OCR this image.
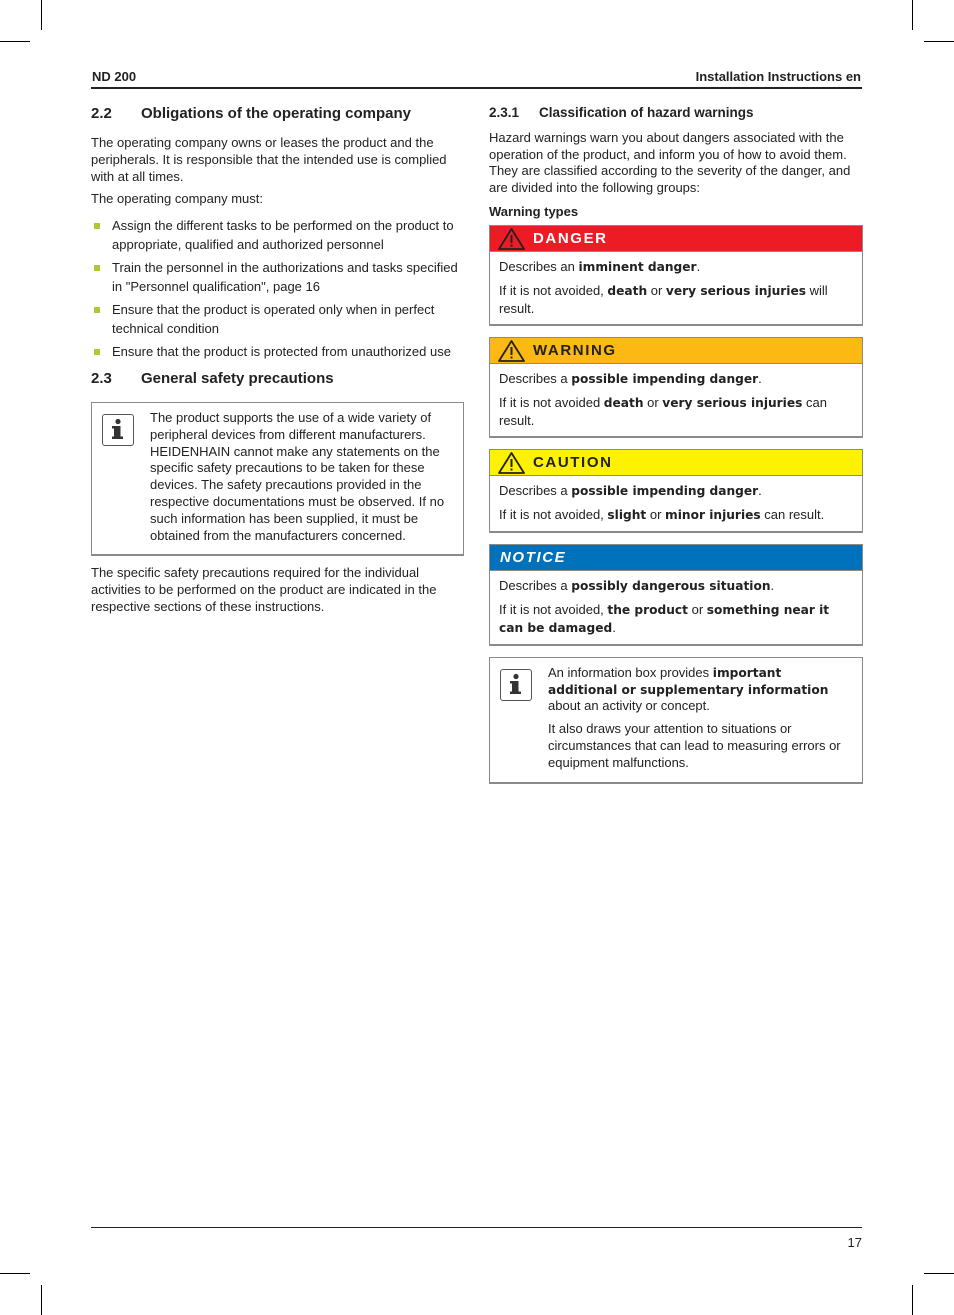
ND 200	Installation Instructions en
2.2 Obligations of the operating company

The operating company owns or leases the product and the peripherals. It is responsible that the intended use is complied with at all times.

The operating company must:

Assign the different tasks to be performed on the product to appropriate, qualified and authorized personnel
Train the personnel in the authorizations and tasks specified in "Personnel qualification", page 16
Ensure that the product is operated only when in perfect technical condition
Ensure that the product is protected from unauthorized use
2.3 General safety precautions

The product supports the use of a wide variety of peripheral devices from different manufacturers. HEIDENHAIN cannot make any statements on the specific safety precautions to be taken for these devices. The safety precautions provided in the respective documentations must be observed. If no such information has been supplied, it must be obtained from the manufacturers concerned.

The specific safety precautions required for the individual activities to be performed on the product are indicated in the respective sections of these instructions.

2.3.1 Classification of hazard warnings

Hazard warnings warn you about dangers associated with the operation of the product, and inform you of how to avoid them. They are classified according to the severity of the danger, and are divided into the following groups:

Warning types

DANGER

Describes an imminent danger.

If it is not avoided, death or very serious injuries will result.

WARNING

Describes a possible impending danger.

If it is not avoided death or very serious injuries can result.

CAUTION

Describes a possible impending danger.

If it is not avoided, slight or minor injuries can result.

NOTICE

Describes a possibly dangerous situation.

If it is not avoided, the product or something near it can be damaged.

An information box provides important additional or supplementary information about an activity or concept.

It also draws your attention to situations or circumstances that can lead to measuring errors or equipment malfunctions.

17
